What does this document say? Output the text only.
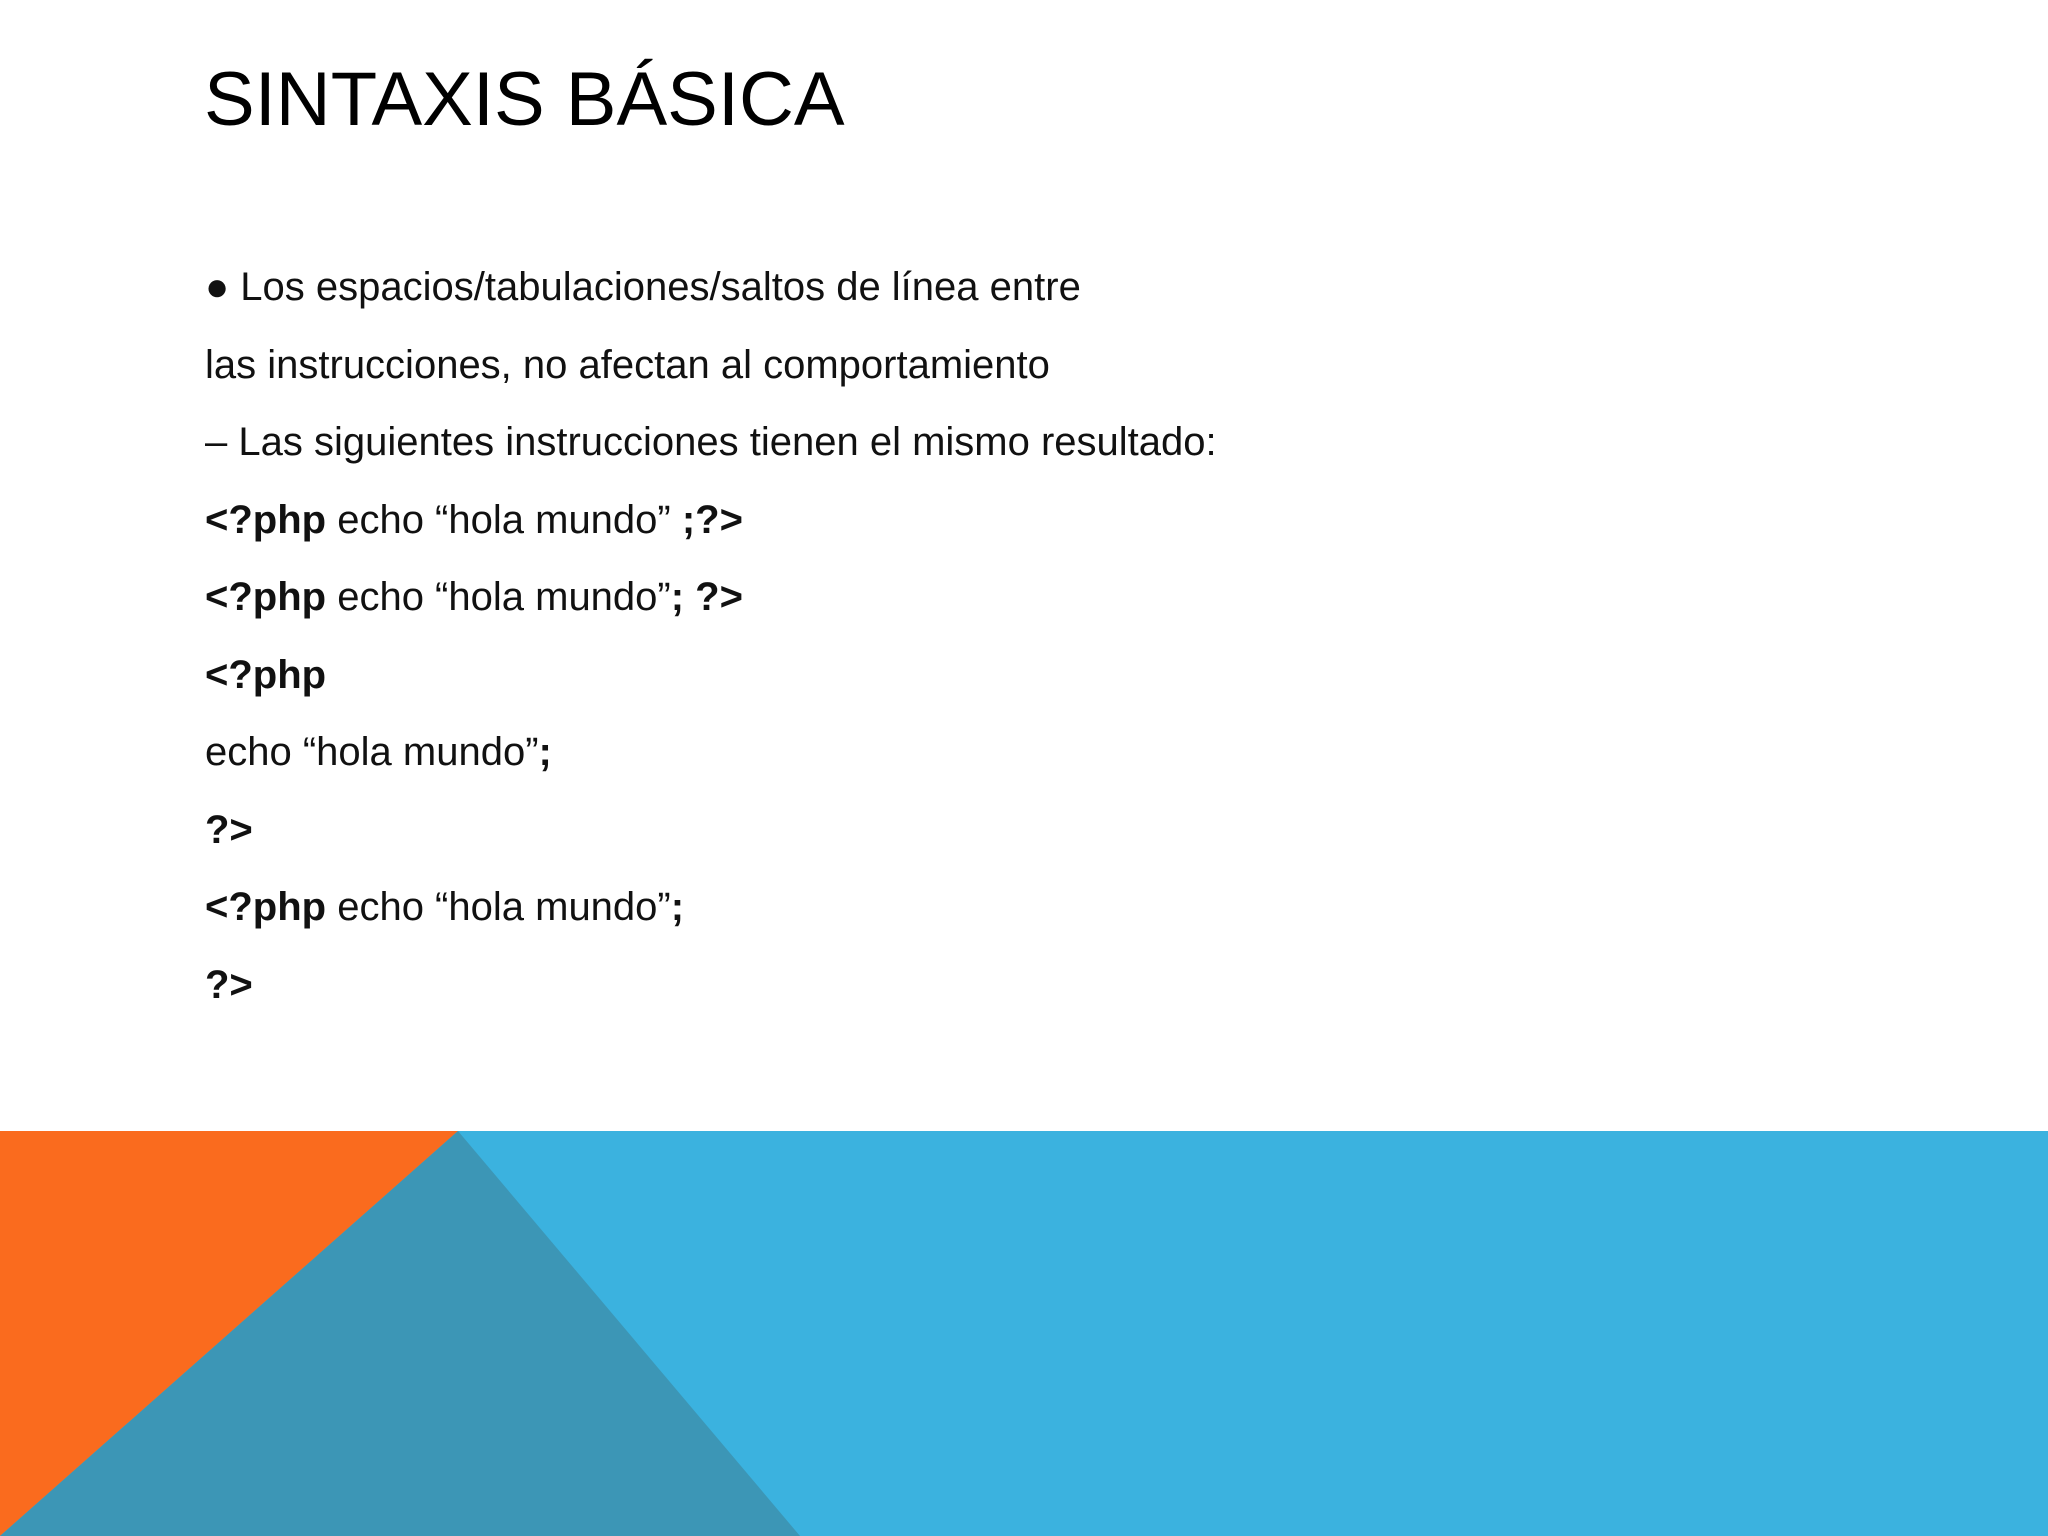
SINTAXIS BÁSICA
● Los espacios/tabulaciones/saltos de línea entre
las instrucciones, no afectan al comportamiento
– Las siguientes instrucciones tienen el mismo resultado:
<?php echo “hola mundo” ;?>
<?php echo “hola mundo”; ?>
<?php
echo “hola mundo”;
?>
<?php echo “hola mundo”;
?>
